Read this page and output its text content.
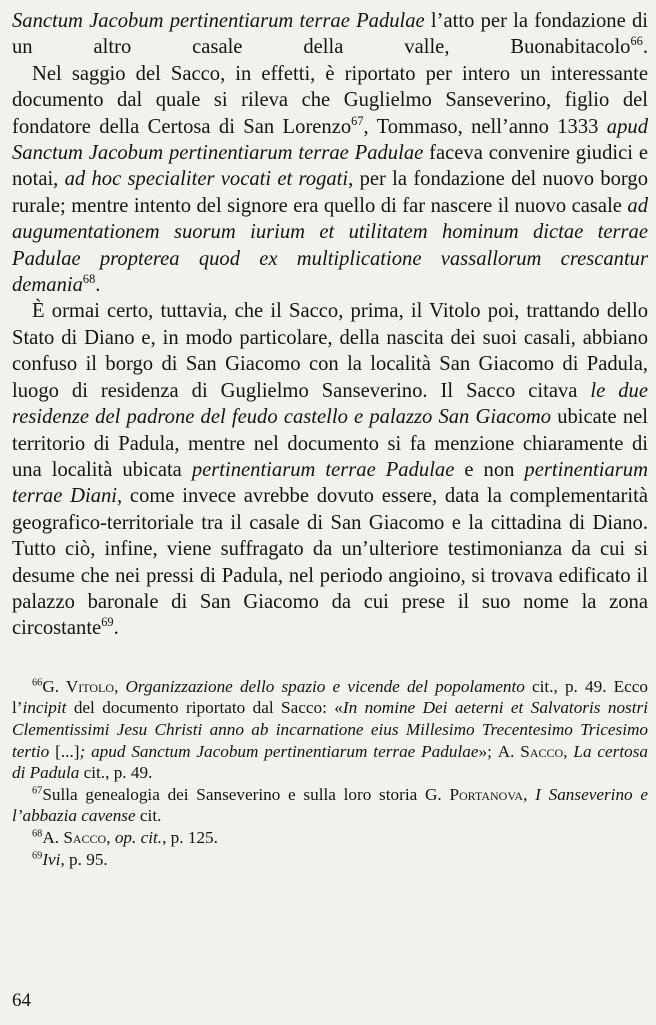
Sanctum Jacobum pertinentiarum terrae Padulae l’atto per la fondazione di un altro casale della valle, Buonabitacolo$^{66}$.

Nel saggio del Sacco, in effetti, è riportato per intero un interessante documento dal quale si rileva che Guglielmo Sanseverino, figlio del fondatore della Certosa di San Lorenzo$^{67}$, Tommaso, nell’anno 1333 apud Sanctum Jacobum pertinentiarum terrae Padulae faceva convenire giudici e notai, ad hoc specialiter vocati et rogati, per la fondazione del nuovo borgo rurale; mentre intento del signore era quello di far nascere il nuovo casale ad augumentationem suorum iurium et utilitatem hominum dictae terrae Padulae propterea quod ex multiplicatione vassallorum crescantur demania$^{68}$.

È ormai certo, tuttavia, che il Sacco, prima, il Vitolo poi, trattando dello Stato di Diano e, in modo particolare, della nascita dei suoi casali, abbiano confuso il borgo di San Giacomo con la località San Giacomo di Padula, luogo di residenza di Guglielmo Sanseverino. Il Sacco citava le due residenze del padrone del feudo castello e palazzo San Giacomo ubicate nel territorio di Padula, mentre nel documento si fa menzione chiaramente di una località ubicata pertinentiarum terrae Padulae e non pertinentiarum terrae Diani, come invece avrebbe dovuto essere, data la complementarità geografico-territoriale tra il casale di San Giacomo e la cittadina di Diano. Tutto ciò, infine, viene suffragato da un’ulteriore testimonianza da cui si desume che nei pressi di Padula, nel periodo angioino, si trovava edificato il palazzo baronale di San Giacomo da cui prese il suo nome la zona circostante$^{69}$.

$^{66}$G. Vitolo, Organizzazione dello spazio e vicende del popolamento cit., p. 49. Ecco l’incipit del documento riportato dal Sacco: «In nomine Dei aeterni et Salvatoris nostri Clementissimi Jesu Christi anno ab incarnatione eius Millesimo Trecentesimo Tricesimo tertio [...]; apud Sanctum Jacobum pertinentiarum terrae Padulae»; A. Sacco, La certosa di Padula cit., p. 49.

$^{67}$Sulla genealogia dei Sanseverino e sulla loro storia G. Portanova, I Sanseverino e l’abbazia cavense cit.

$^{68}$A. Sacco, op. cit., p. 125.

$^{69}$Ivi, p. 95.

64
